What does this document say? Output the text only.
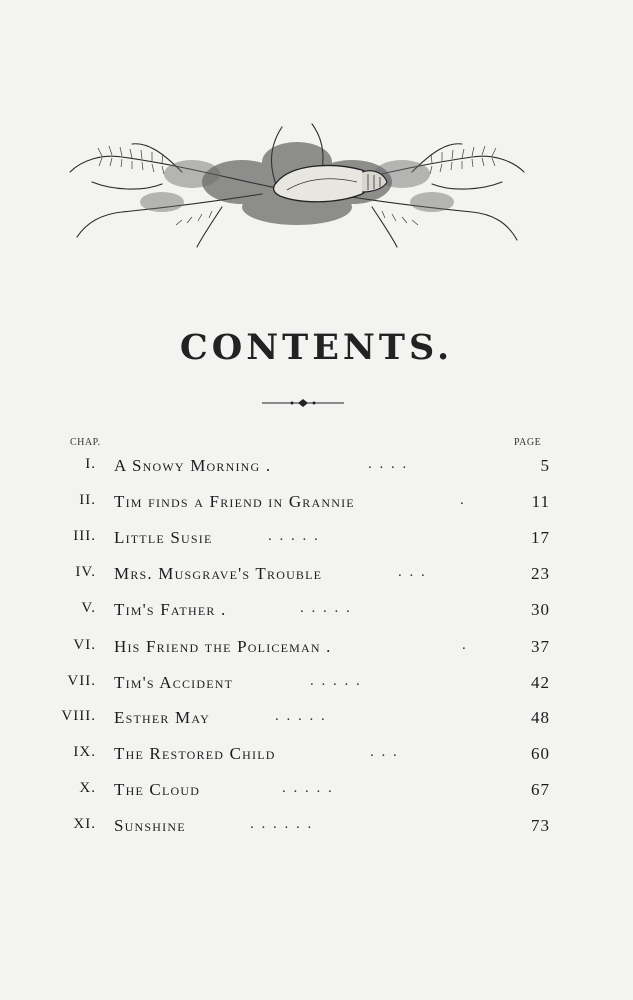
CONTENTS.
CHAP.	PAGE
I. A Snowy Morning .	. . . .	5
II. Tim finds a Friend in Grannie	.	11
III. Little Susie	. . . . .	17
IV. Mrs. Musgrave's Trouble	. . .	23
V. Tim's Father .	. . . . .	30
VI. His Friend the Policeman .	.	37
VII. Tim's Accident	. . . . .	42
VIII. Esther May	. . . . .	48
IX. The Restored Child	. . .	60
X. The Cloud	. . . . .	67
XI. Sunshine	. . . . . .	73
